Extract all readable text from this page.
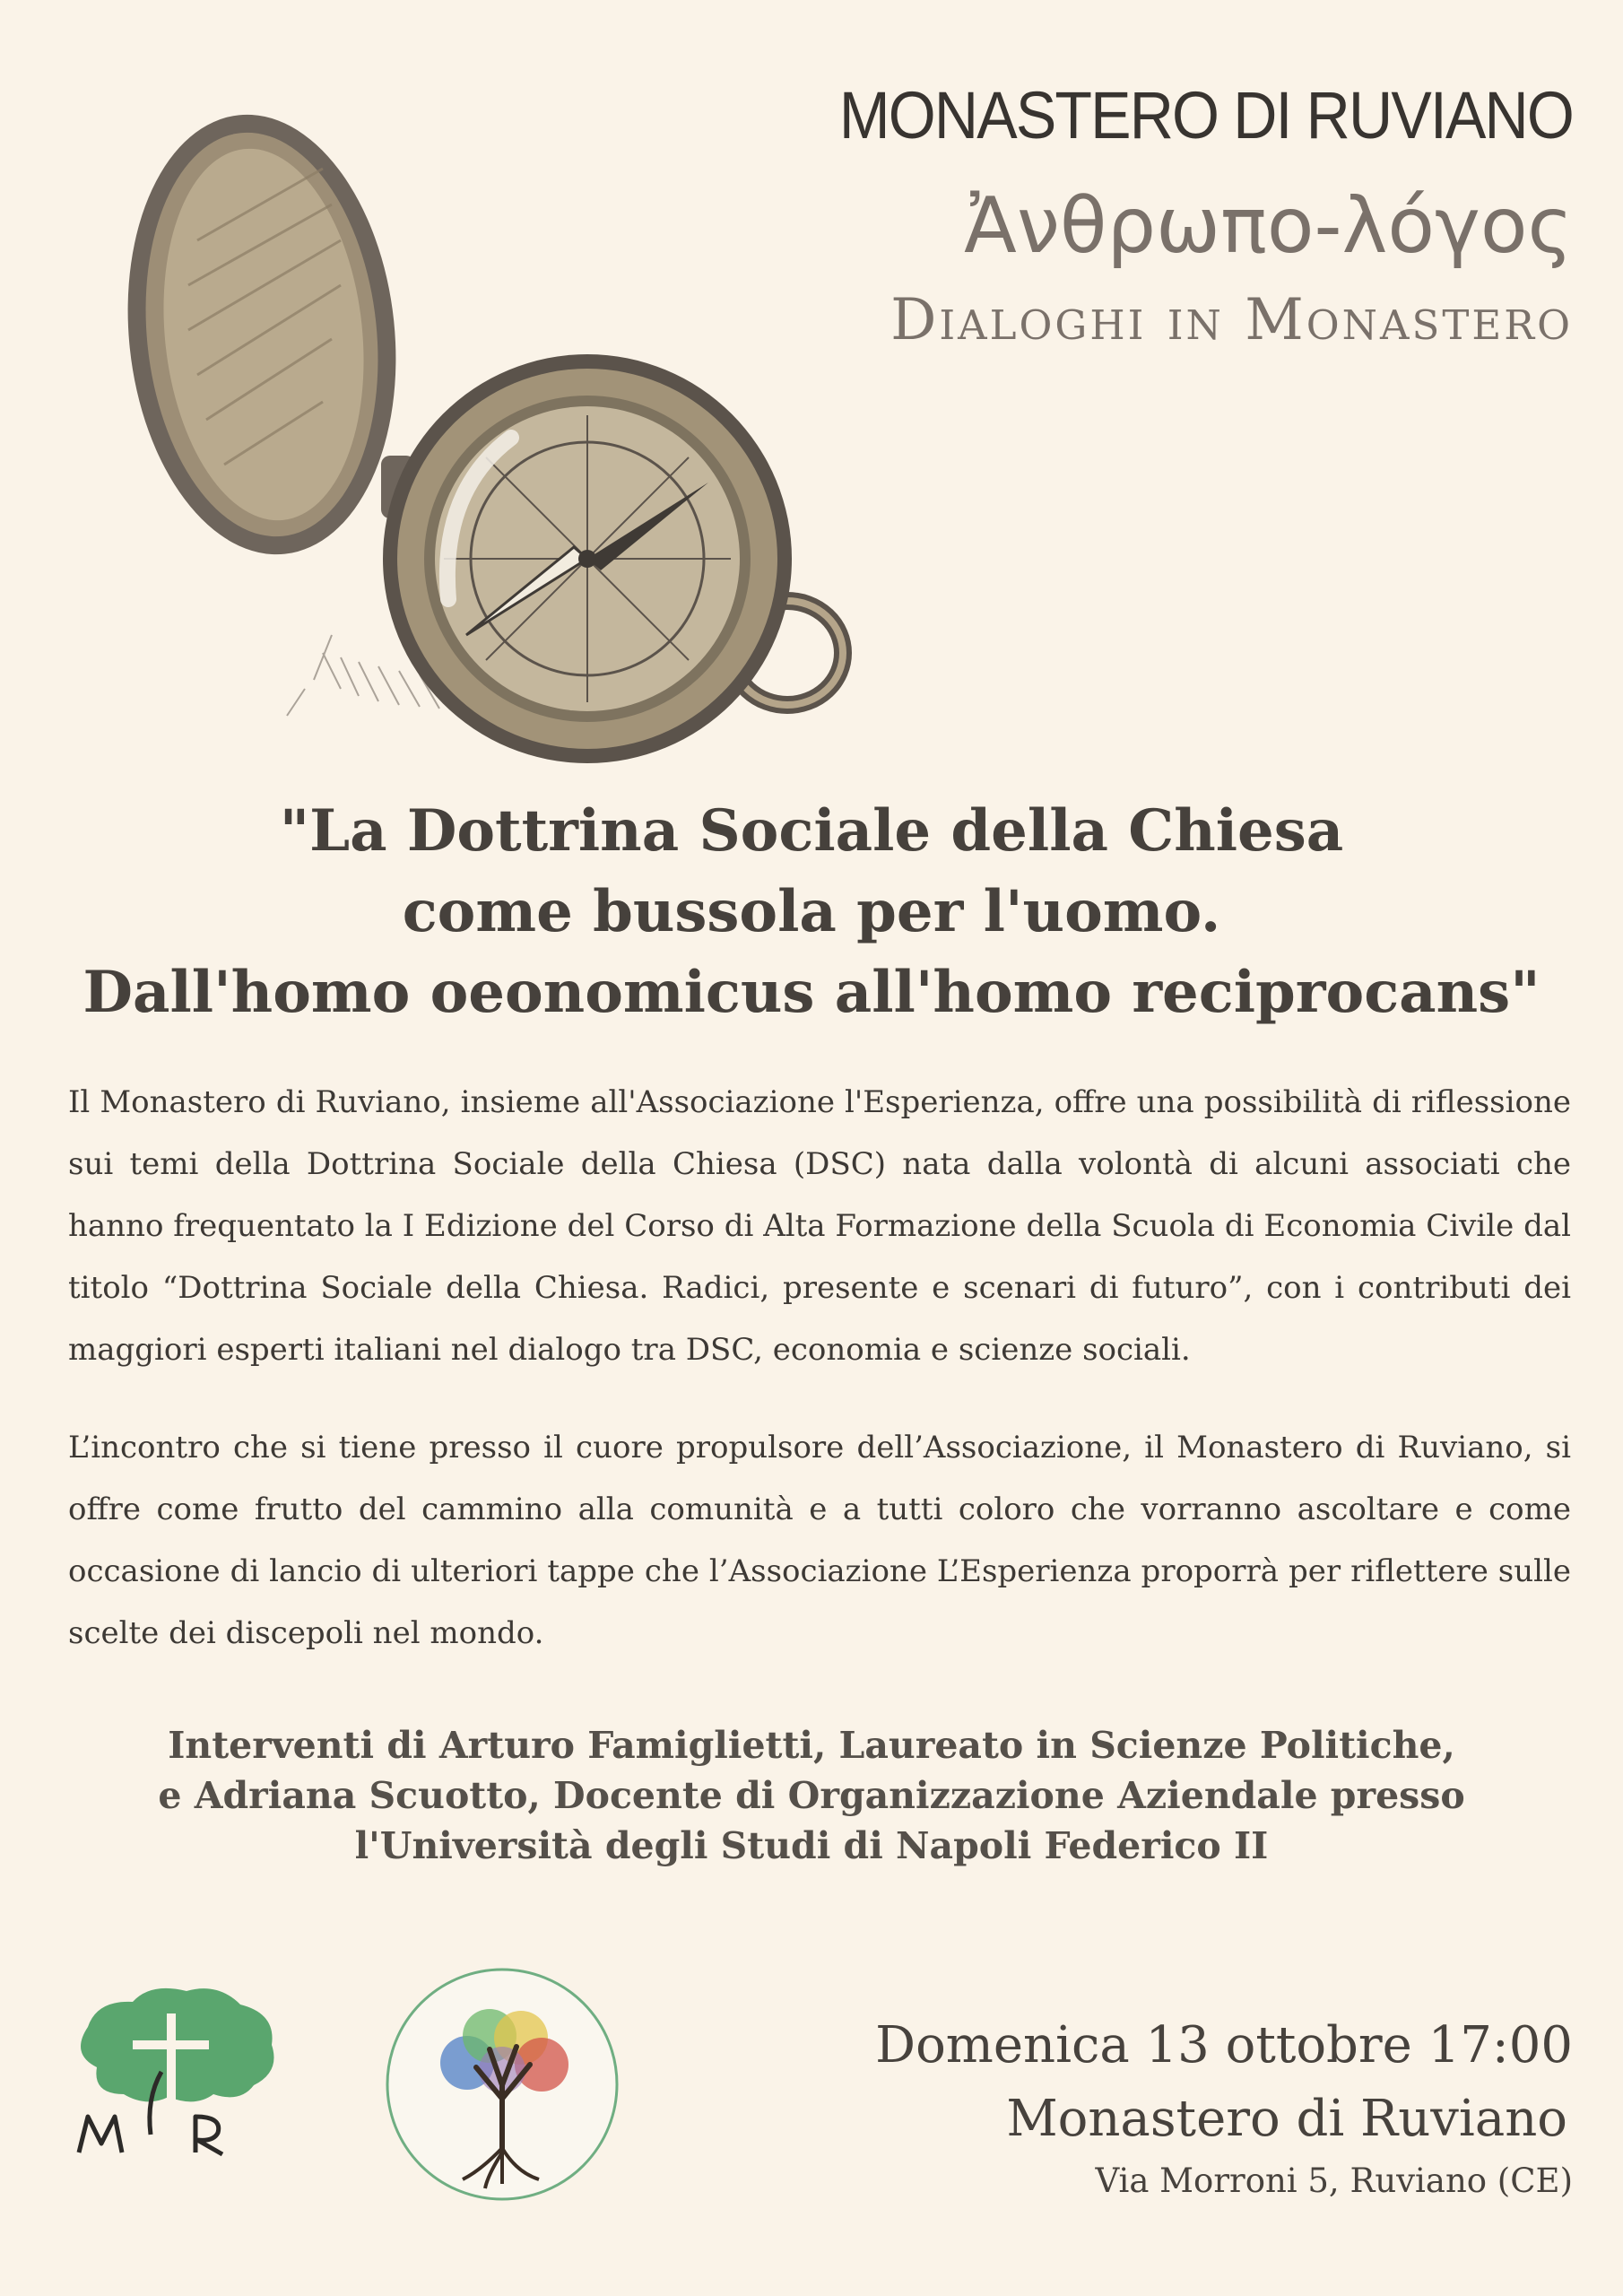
MONASTERO DI RUVIANO
Ἀνθρωπο-λόγος
Dialoghi in Monastero
"La Dottrina Sociale della Chiesa
come bussola per l'uomo.
Dall'homo oeonomicus all'homo reciprocans"
Il Monastero di Ruviano, insieme all'Associazione l'Esperienza, offre una possibilità di riflessione sui temi della Dottrina Sociale della Chiesa (DSC) nata dalla volontà di alcuni associati che hanno frequentato la I Edizione del Corso di Alta Formazione della Scuola di Economia Civile dal titolo “Dottrina Sociale della Chiesa. Radici, presente e scenari di futuro”, con i contributi dei maggiori esperti italiani nel dialogo tra DSC, economia e scienze sociali.
L’incontro che si tiene presso il cuore propulsore dell’Associazione, il Monastero di Ruviano, si offre come frutto del cammino alla comunità e a tutti coloro che vorranno ascoltare e come occasione di lancio di ulteriori tappe che l’Associazione L’Esperienza proporrà per riflettere sulle scelte dei discepoli nel mondo.
Interventi di Arturo Famiglietti, Laureato in Scienze Politiche,
e Adriana Scuotto, Docente di Organizzazione Aziendale presso
l'Università degli Studi di Napoli Federico II
Domenica 13 ottobre 17:00
Monastero di Ruviano
Via Morroni 5, Ruviano (CE)
